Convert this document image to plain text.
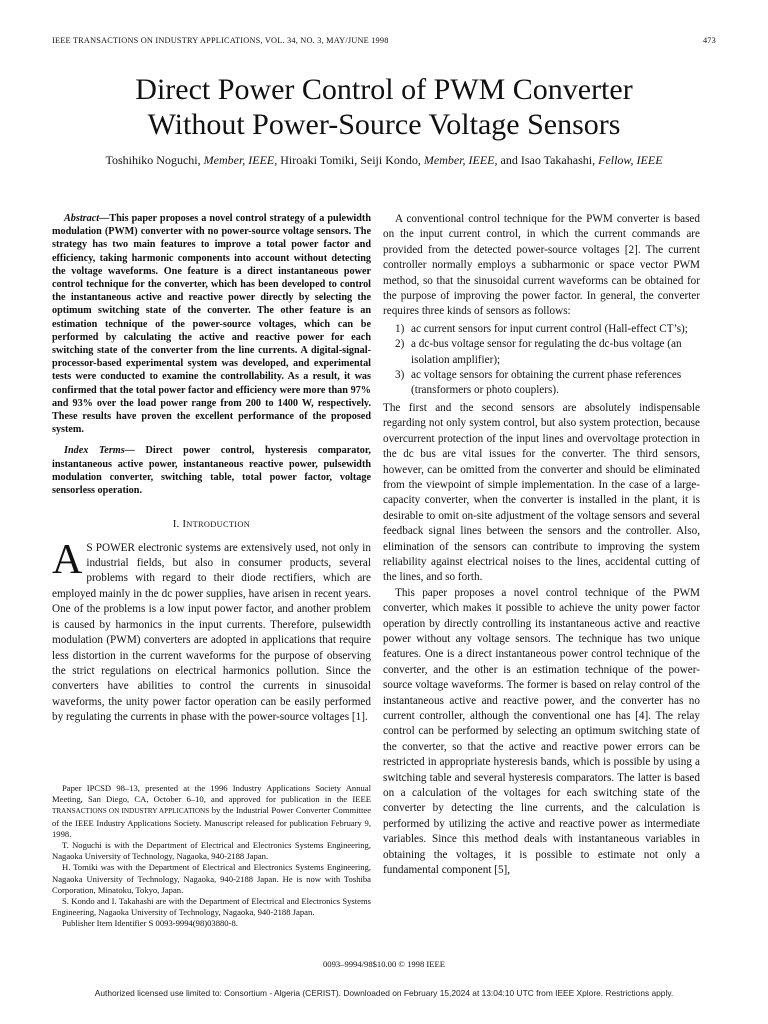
IEEE TRANSACTIONS ON INDUSTRY APPLICATIONS, VOL. 34, NO. 3, MAY/JUNE 1998	473
Direct Power Control of PWM Converter
Without Power-Source Voltage Sensors
Toshihiko Noguchi, Member, IEEE, Hiroaki Tomiki, Seiji Kondo, Member, IEEE, and Isao Takahashi, Fellow, IEEE

Abstract—This paper proposes a novel control strategy of a pulewidth modulation (PWM) converter with no power-source voltage sensors. The strategy has two main features to improve a total power factor and efficiency, taking harmonic components into account without detecting the voltage waveforms. One feature is a direct instantaneous power control technique for the converter, which has been developed to control the instantaneous active and reactive power directly by selecting the optimum switching state of the converter. The other feature is an estimation technique of the power-source voltages, which can be performed by calculating the active and reactive power for each switching state of the converter from the line currents. A digital-signal-processor-based experimental system was developed, and experimental tests were conducted to examine the controllability. As a result, it was confirmed that the total power factor and efficiency were more than 97% and 93% over the load power range from 200 to 1400 W, respectively. These results have proven the excellent performance of the proposed system.

Index Terms— Direct power control, hysteresis comparator, instantaneous active power, instantaneous reactive power, pulsewidth modulation converter, switching table, total power factor, voltage sensorless operation.

I. INTRODUCTION

A S POWER electronic systems are extensively used, not only in industrial fields, but also in consumer products, several problems with regard to their diode rectifiers, which are employed mainly in the dc power supplies, have arisen in recent years. One of the problems is a low input power factor, and another problem is caused by harmonics in the input currents. Therefore, pulsewidth modulation (PWM) converters are adopted in applications that require less distortion in the current waveforms for the purpose of observing the strict regulations on electrical harmonics pollution. Since the converters have abilities to control the currents in sinusoidal waveforms, the unity power factor operation can be easily performed by regulating the currents in phase with the power-source voltages [1].

Paper IPCSD 98–13, presented at the 1996 Industry Applications Society Annual Meeting, San Diego, CA, October 6–10, and approved for publication in the IEEE TRANSACTIONS ON INDUSTRY APPLICATIONS by the Industrial Power Converter Committee of the IEEE Industry Applications Society. Manuscript released for publication February 9, 1998.

T. Noguchi is with the Department of Electrical and Electronics Systems Engineering, Nagaoka University of Technology, Nagaoka, 940-2188 Japan.

H. Tomiki was with the Department of Electrical and Electronics Systems Engineering, Nagaoka University of Technology, Nagaoka, 940-2188 Japan. He is now with Toshiba Corporation, Minatoku, Tokyo, Japan.

S. Kondo and I. Takahashi are with the Department of Electrical and Electronics Systems Engineering, Nagaoka University of Technology, Nagaoka, 940-2188 Japan.

Publisher Item Identifier S 0093-9994(98)03880-8.

A conventional control technique for the PWM converter is based on the input current control, in which the current commands are provided from the detected power-source voltages [2]. The current controller normally employs a subharmonic or space vector PWM method, so that the sinusoidal current waveforms can be obtained for the purpose of improving the power factor. In general, the converter requires three kinds of sensors as follows:

1) ac current sensors for input current control (Hall-effect CT’s);
2) a dc-bus voltage sensor for regulating the dc-bus voltage (an isolation amplifier);
3) ac voltage sensors for obtaining the current phase references (transformers or photo couplers).

The first and the second sensors are absolutely indispensable regarding not only system control, but also system protection, because overcurrent protection of the input lines and overvoltage protection in the dc bus are vital issues for the converter. The third sensors, however, can be omitted from the converter and should be eliminated from the viewpoint of simple implementation. In the case of a large-capacity converter, when the converter is installed in the plant, it is desirable to omit on-site adjustment of the voltage sensors and several feedback signal lines between the sensors and the controller. Also, elimination of the sensors can contribute to improving the system reliability against electrical noises to the lines, accidental cutting of the lines, and so forth.

This paper proposes a novel control technique of the PWM converter, which makes it possible to achieve the unity power factor operation by directly controlling its instantaneous active and reactive power without any voltage sensors. The technique has two unique features. One is a direct instantaneous power control technique of the converter, and the other is an estimation technique of the power-source voltage waveforms. The former is based on relay control of the instantaneous active and reactive power, and the converter has no current controller, although the conventional one has [4]. The relay control can be performed by selecting an optimum switching state of the converter, so that the active and reactive power errors can be restricted in appropriate hysteresis bands, which is possible by using a switching table and several hysteresis comparators. The latter is based on a calculation of the voltages for each switching state of the converter by detecting the line currents, and the calculation is performed by utilizing the active and reactive power as intermediate variables. Since this method deals with instantaneous variables in obtaining the voltages, it is possible to estimate not only a fundamental component [5],

0093–9994/98$10.00 © 1998 IEEE
Authorized licensed use limited to: Consortium - Algeria (CERIST). Downloaded on February 15,2024 at 13:04:10 UTC from IEEE Xplore. Restrictions apply.
